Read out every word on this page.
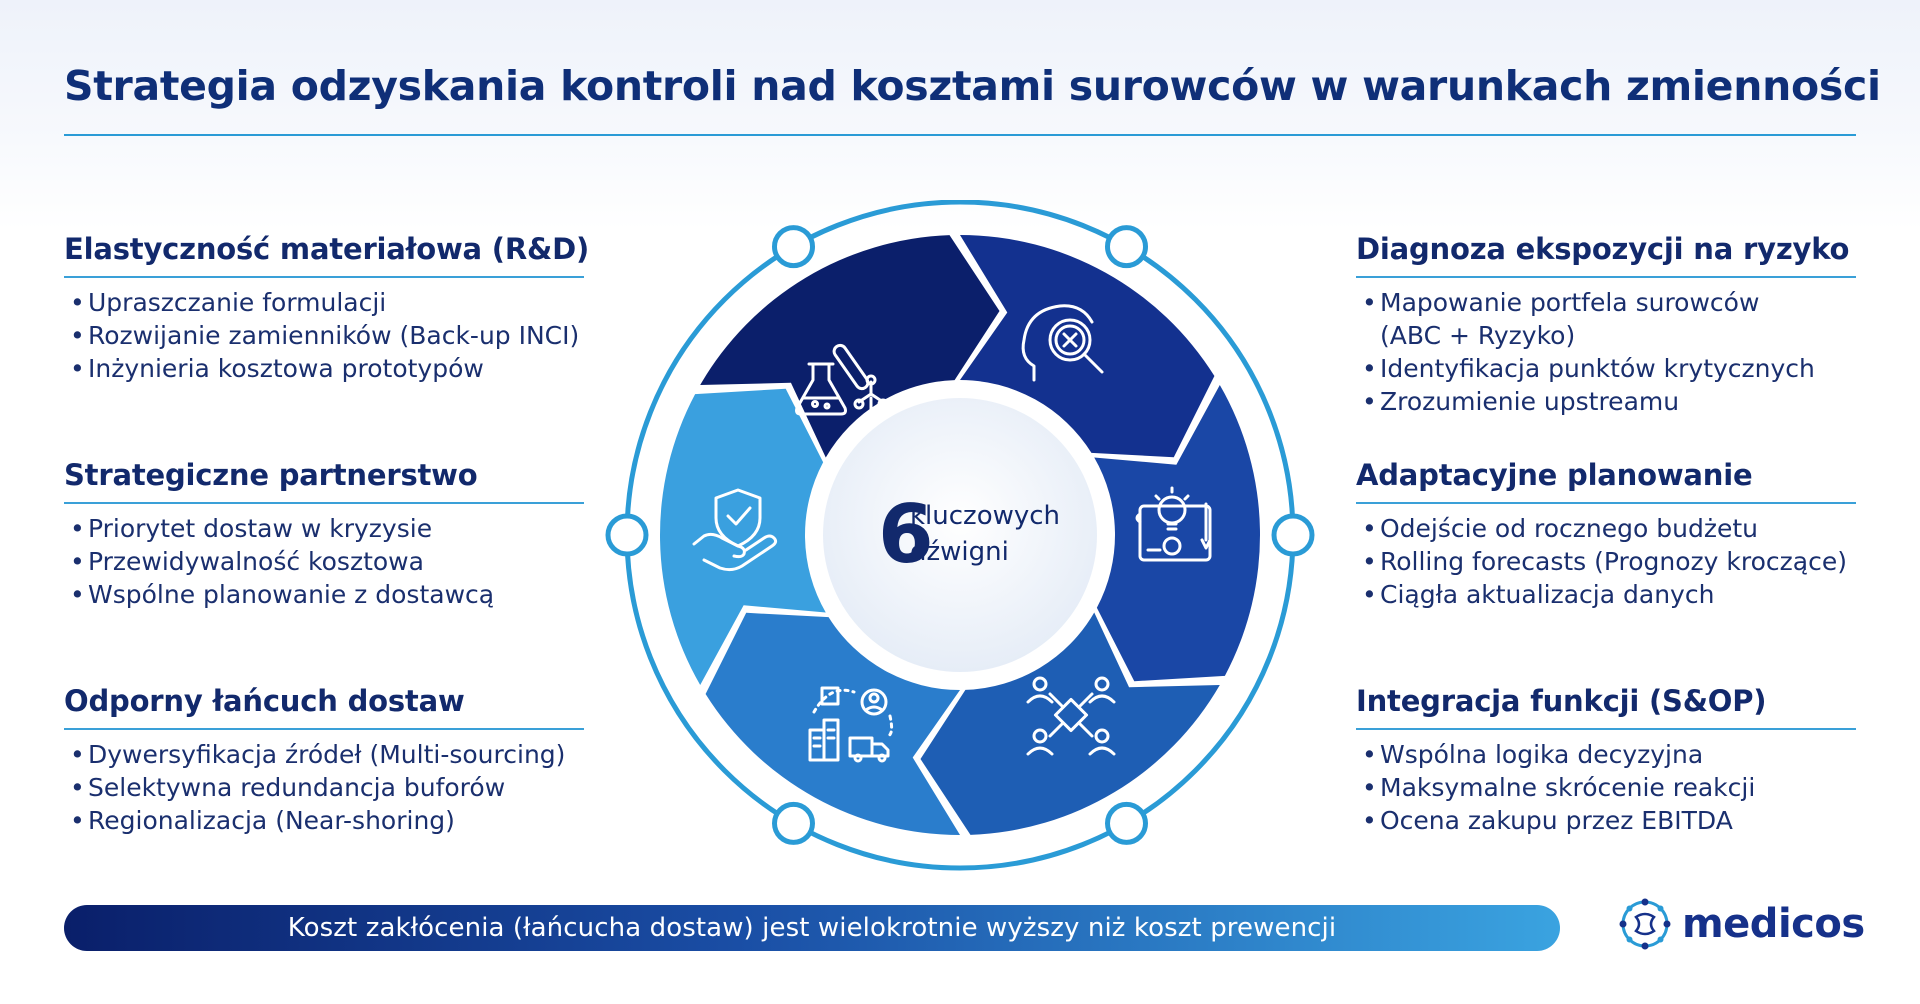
Strategia odzyskania kontroli nad kosztami surowców w warunkach zmienności
Elastyczność materiałowa (R&D)
• Upraszczanie formulacji
• Rozwijanie zamienników (Back-up INCI)
• Inżynieria kosztowa prototypów
Strategiczne partnerstwo
• Priorytet dostaw w kryzysie
• Przewidywalność kosztowa
• Wspólne planowanie z dostawcą
Odporny łańcuch dostaw
• Dywersyfikacja źródeł (Multi-sourcing)
• Selektywna redundancja buforów
• Regionalizacja (Near-shoring)
Diagnoza ekspozycji na ryzyko
• Mapowanie portfela surowców
(ABC + Ryzyko)
• Identyfikacja punktów krytycznych
• Zrozumienie upstreamu
Adaptacyjne planowanie
• Odejście od rocznego budżetu
• Rolling forecasts (Prognozy kroczące)
• Ciągła aktualizacja danych
Integracja funkcji (S&OP)
• Wspólna logika decyzyjna
• Maksymalne skrócenie reakcji
• Ocena zakupu przez EBITDA
6
kluczowych
dźwigni
Koszt zakłócenia (łańcucha dostaw) jest wielokrotnie wyższy niż koszt prewencji	medicos
